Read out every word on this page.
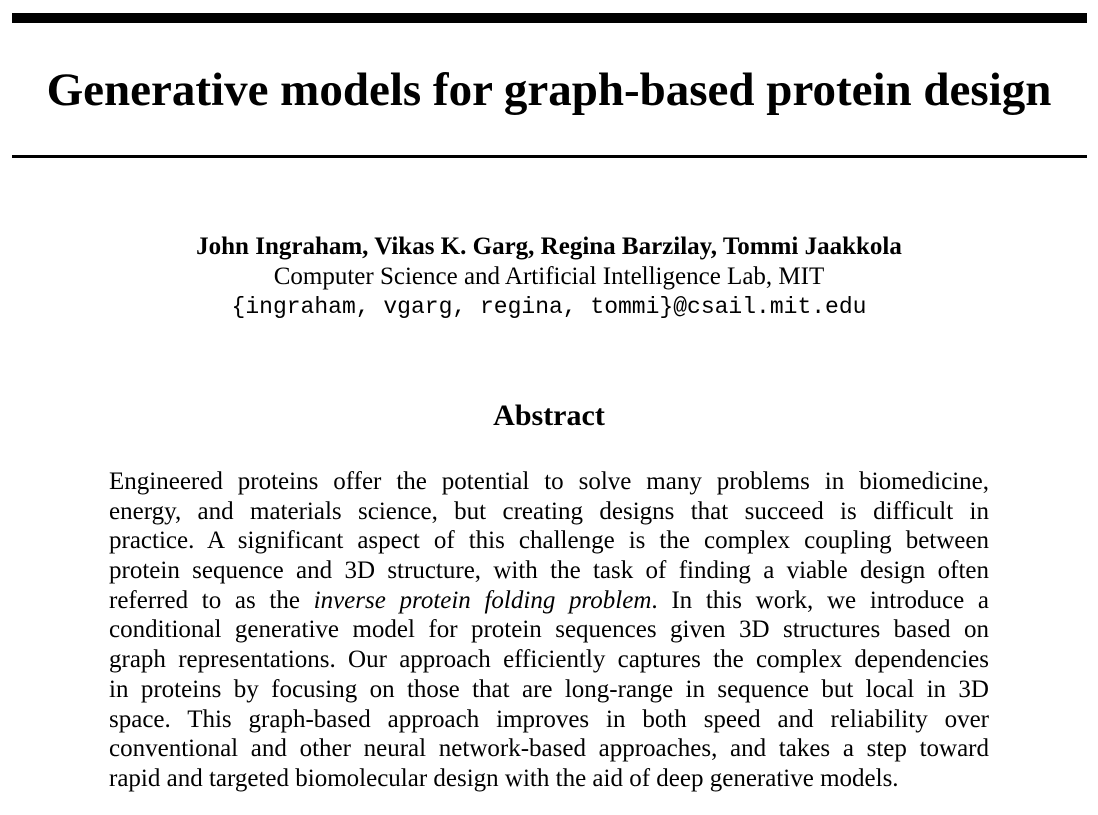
Generative models for graph-based protein design
John Ingraham, Vikas K. Garg, Regina Barzilay, Tommi Jaakkola
Computer Science and Artificial Intelligence Lab, MIT
{ingraham, vgarg, regina, tommi}@csail.mit.edu
Abstract
Engineered proteins offer the potential to solve many problems in biomedicine,
energy, and materials science, but creating designs that succeed is difficult in
practice. A significant aspect of this challenge is the complex coupling between
protein sequence and 3D structure, with the task of finding a viable design often
referred to as the inverse protein folding problem. In this work, we introduce a
conditional generative model for protein sequences given 3D structures based on
graph representations. Our approach efficiently captures the complex dependencies
in proteins by focusing on those that are long-range in sequence but local in 3D
space. This graph-based approach improves in both speed and reliability over
conventional and other neural network-based approaches, and takes a step toward
rapid and targeted biomolecular design with the aid of deep generative models.
